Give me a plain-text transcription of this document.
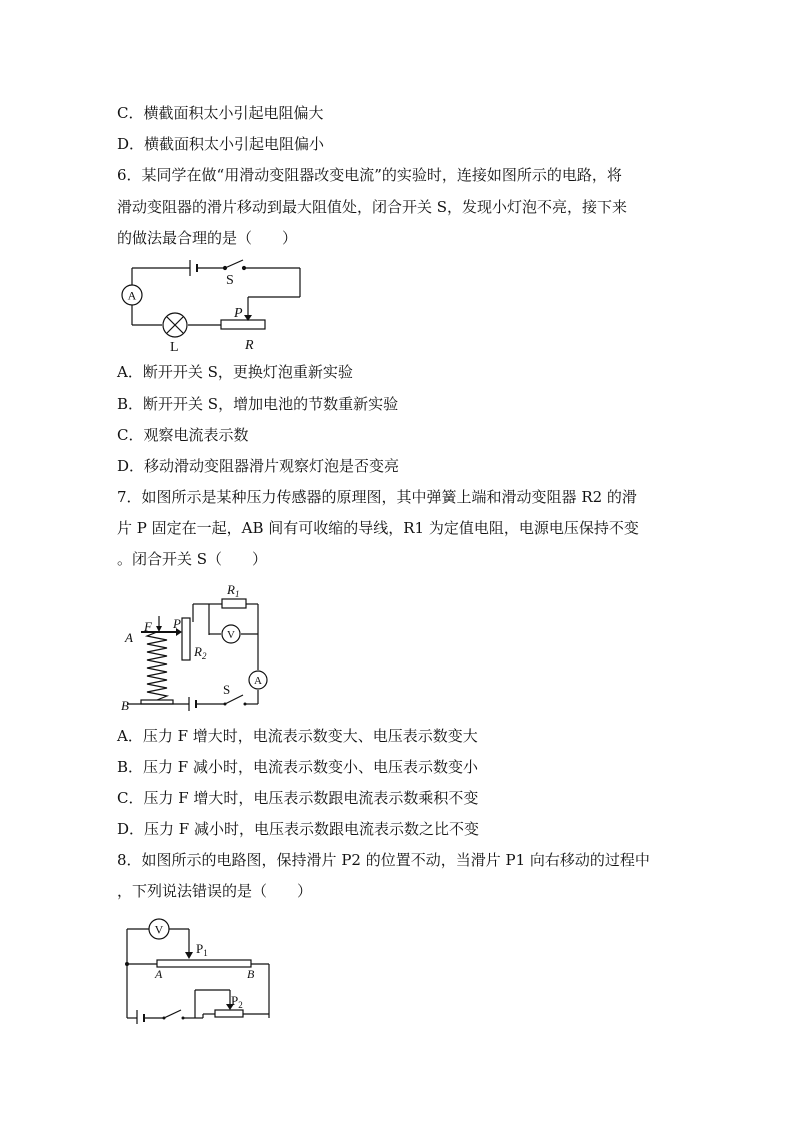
C．横截面积太小引起电阻偏大
D．横截面积太小引起电阻偏小
6．某同学在做“用滑动变阻器改变电流”的实验时，连接如图所示的电路，将
滑动变阻器的滑片移动到最大阻值处，闭合开关 S，发现小灯泡不亮，接下来
的做法最合理的是（　　）
A
S
P
L	R
A．断开开关 S，更换灯泡重新实验
B．断开开关 S，增加电池的节数重新实验
C．观察电流表示数
D．移动滑动变阻器滑片观察灯泡是否变亮
7．如图所示是某种压力传感器的原理图，其中弹簧上端和滑动变阻器 R2 的滑
片 P 固定在一起，AB 间有可收缩的导线，R1 为定值电阻，电源电压保持不变
。闭合开关 S（　　）
V
A
$R_1$
$R_2$
F P
A
B
S
A．压力 F 增大时，电流表示数变大、电压表示数变大
B．压力 F 减小时，电流表示数变小、电压表示数变小
C．压力 F 增大时，电压表示数跟电流表示数乘积不变
D．压力 F 减小时，电压表示数跟电流表示数之比不变
8．如图所示的电路图，保持滑片 P2 的位置不动，当滑片 P1 向右移动的过程中
，下列说法错误的是（　　）
V
$P_1$
$P_2$
A	B
